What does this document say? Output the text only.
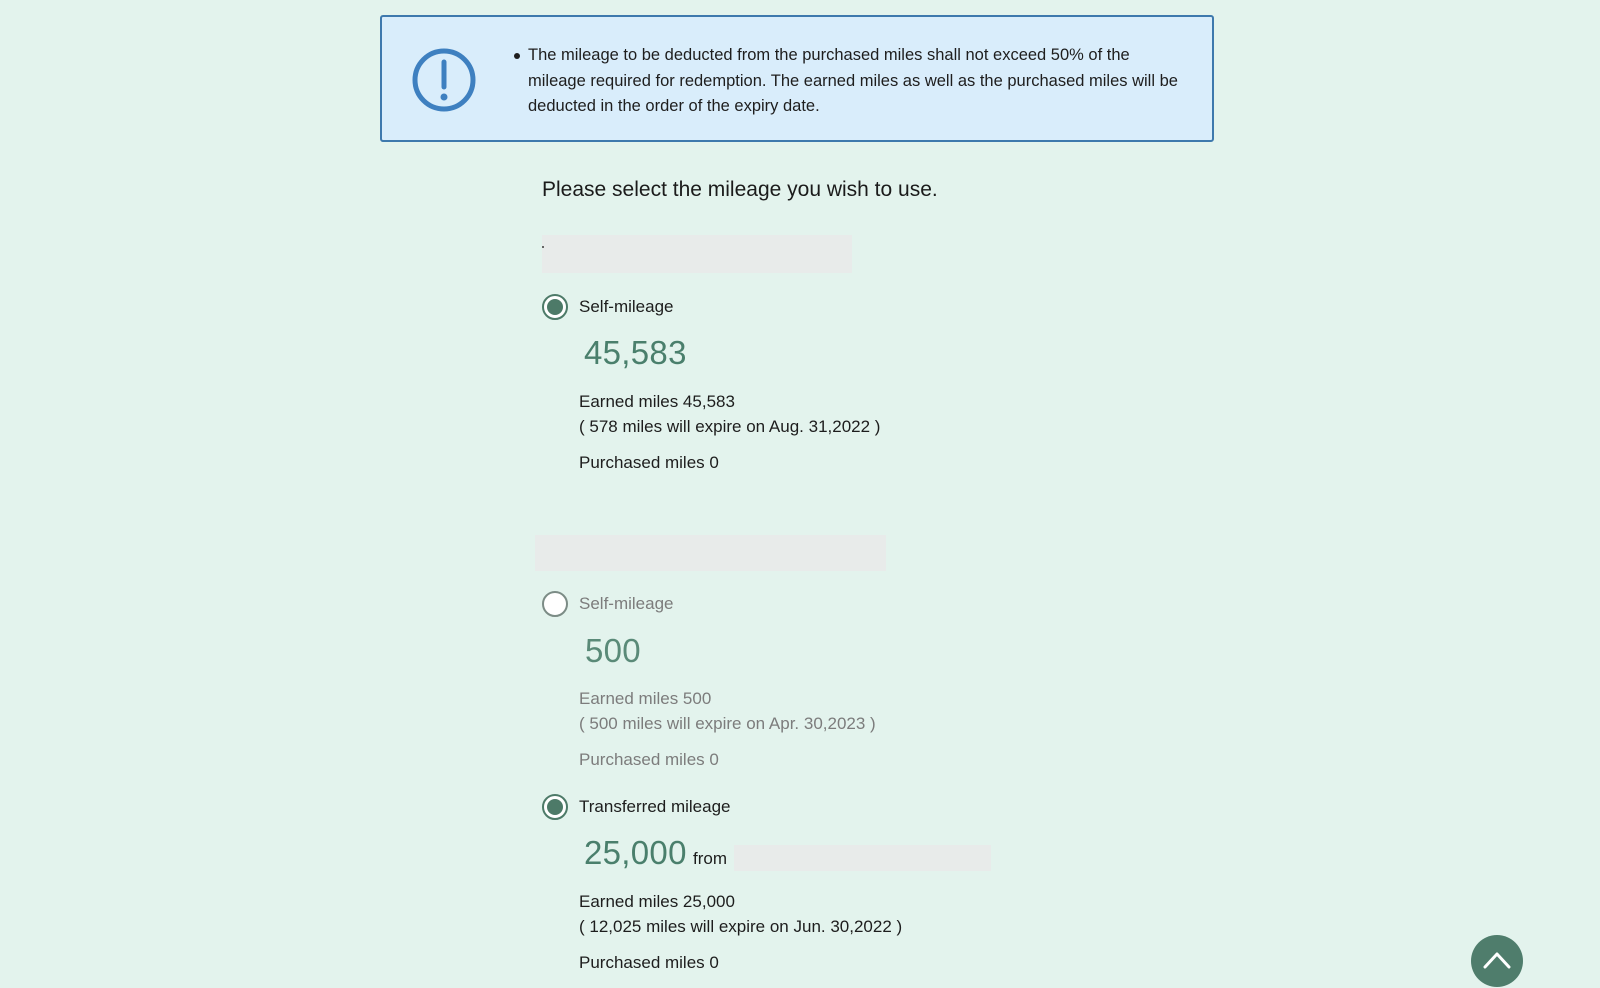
The mileage to be deducted from the purchased miles shall not exceed 50% of the mileage required for redemption. The earned miles as well as the purchased miles will be deducted in the order of the expiry date.
Please select the mileage you wish to use.
Self-mileage
45,583
Earned miles 45,583
( 578 miles will expire on Aug. 31,2022 )
Purchased miles 0
Self-mileage
500
Earned miles 500
( 500 miles will expire on Apr. 30,2023 )
Purchased miles 0
Transferred mileage
25,000 from
Earned miles 25,000
( 12,025 miles will expire on Jun. 30,2022 )
Purchased miles 0
